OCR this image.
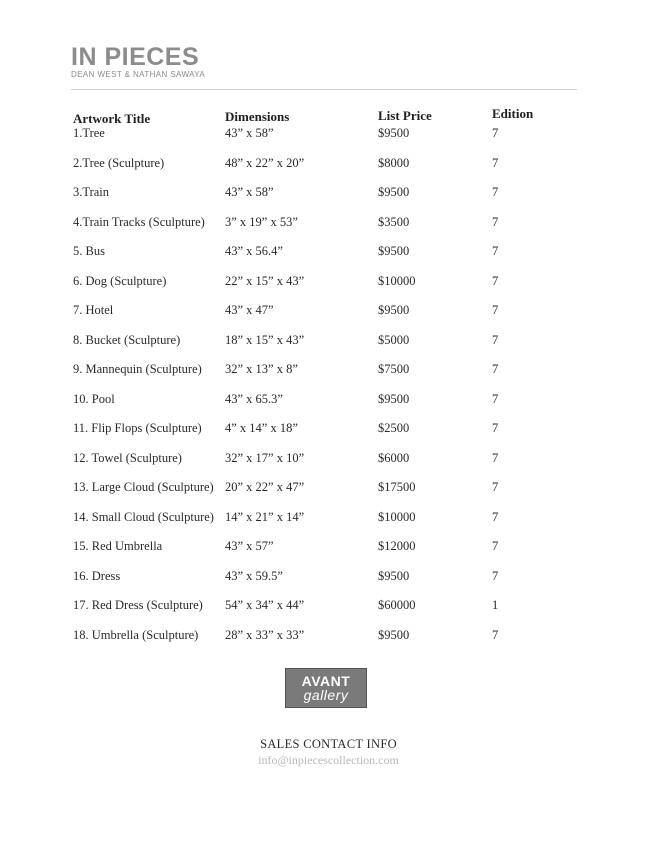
IN PIECES
DEAN WEST & NATHAN SAWAYA
Artwork Title	Dimensions	List Price	Edition
1.Tree	43” x 58”	$9500	7
2.Tree (Sculpture)	48” x 22” x 20”	$8000	7
3.Train	43” x 58”	$9500	7
4.Train Tracks (Sculpture) 3” x 19” x 53”	$3500	7
5. Bus	43” x 56.4”	$9500	7
6. Dog (Sculpture)	22” x 15” x 43”	$10000	7
7. Hotel	43” x 47”	$9500	7
8. Bucket (Sculpture)	18” x 15” x 43”	$5000	7
9. Mannequin (Sculpture) 32” x 13” x 8”	$7500	7
10. Pool	43” x 65.3”	$9500	7
11. Flip Flops (Sculpture) 4” x 14” x 18”	$2500	7
12. Towel (Sculpture)	32” x 17” x 10”	$6000	7
13. Large Cloud (Sculpture) 20” x 22” x 47”	$17500	7
14. Small Cloud (Sculpture) 14” x 21” x 14”	$10000	7
15. Red Umbrella	43” x 57”	$12000	7
16. Dress	43” x 59.5”	$9500	7
17. Red Dress (Sculpture) 54” x 34” x 44”	$60000	1
18. Umbrella (Sculpture) 28” x 33” x 33”	$9500	7
AVANT
gallery
SALES CONTACT INFO
info@inpiecescollection.com
